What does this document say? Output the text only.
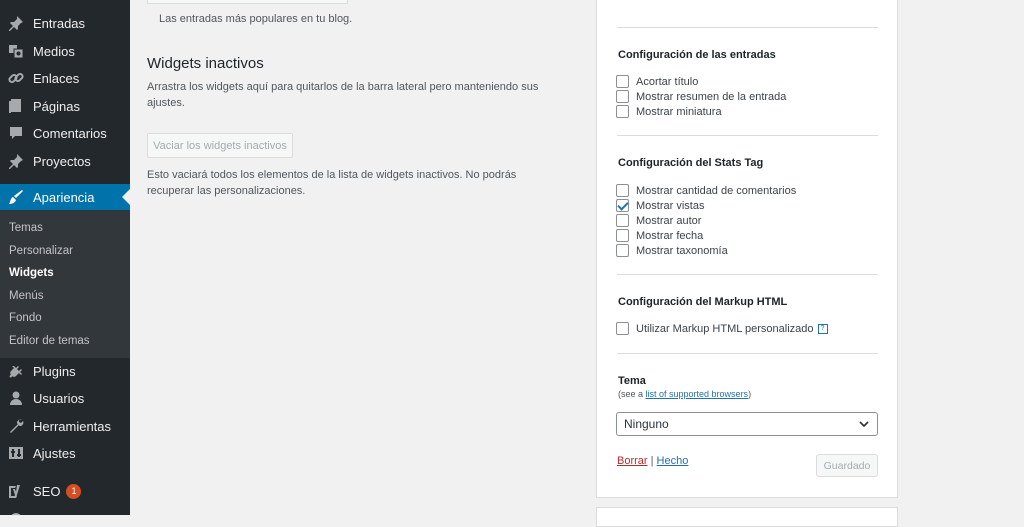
Entradas
Medios
Enlaces
Páginas
Comentarios
Proyectos
Apariencia
Temas
Personalizar
Widgets
Menús
Fondo
Editor de temas
Plugins
Usuarios
Herramientas
Ajustes
SEO	1
Las entradas más populares en tu blog.
Widgets inactivos
Arrastra los widgets aquí para quitarlos de la barra lateral pero manteniendo sus ajustes.
Vaciar los widgets inactivos
Esto vaciará todos los elementos de la lista de widgets inactivos. No podrás recuperar las personalizaciones.
Configuración de las entradas
Acortar título
Mostrar resumen de la entrada
Mostrar miniatura
Configuración del Stats Tag
Mostrar cantidad de comentarios
Mostrar vistas
Mostrar autor
Mostrar fecha
Mostrar taxonomía
Configuración del Markup HTML
Utilizar Markup HTML personalizado	?
Tema
(see a list of supported browsers)
Ninguno
Borrar | Hecho	Guardado
